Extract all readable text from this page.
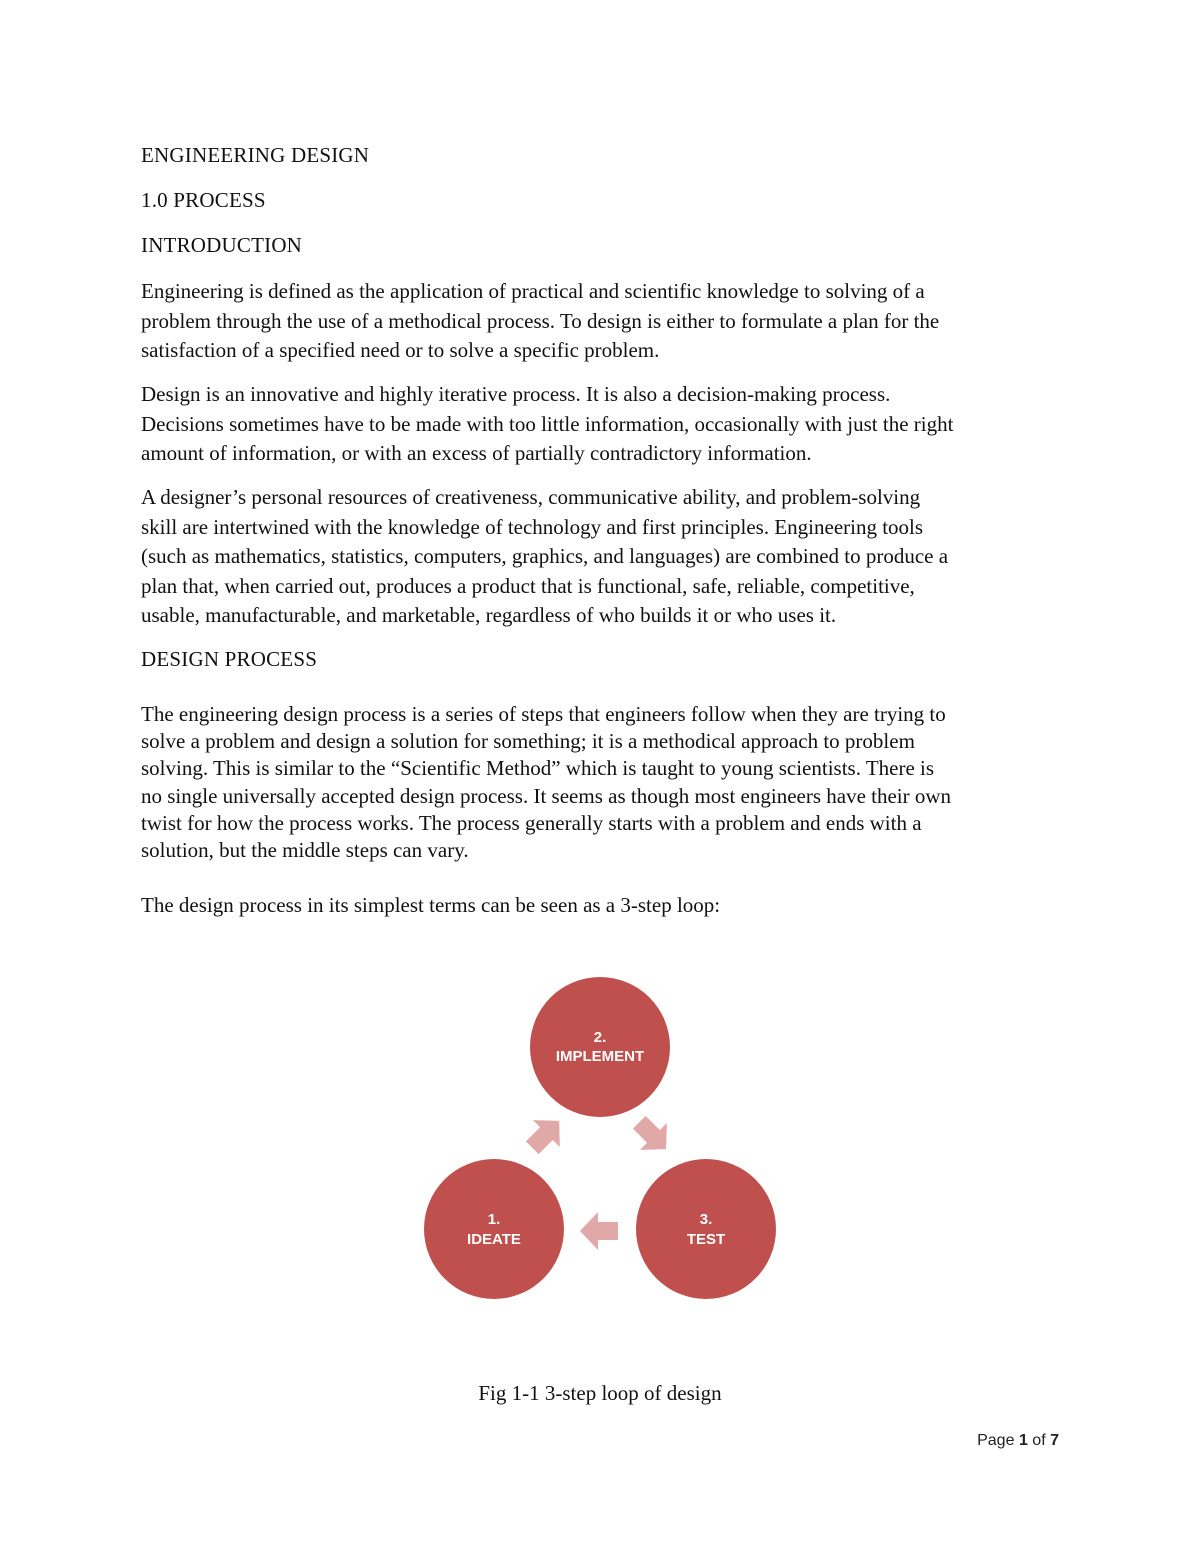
ENGINEERING DESIGN
1.0 PROCESS
INTRODUCTION

Engineering is defined as the application of practical and scientific knowledge to solving of a
problem through the use of a methodical process. To design is either to formulate a plan for the
satisfaction of a specified need or to solve a specific problem.

Design is an innovative and highly iterative process. It is also a decision-making process.
Decisions sometimes have to be made with too little information, occasionally with just the right
amount of information, or with an excess of partially contradictory information.

A designer’s personal resources of creativeness, communicative ability, and problem-solving
skill are intertwined with the knowledge of technology and first principles. Engineering tools
(such as mathematics, statistics, computers, graphics, and languages) are combined to produce a
plan that, when carried out, produces a product that is functional, safe, reliable, competitive,
usable, manufacturable, and marketable, regardless of who builds it or who uses it.

DESIGN PROCESS

The engineering design process is a series of steps that engineers follow when they are trying to
solve a problem and design a solution for something; it is a methodical approach to problem
solving. This is similar to the “Scientific Method” which is taught to young scientists. There is
no single universally accepted design process. It seems as though most engineers have their own
twist for how the process works. The process generally starts with a problem and ends with a
solution, but the middle steps can vary.

The design process in its simplest terms can be seen as a 3-step loop:

2.
IMPLEMENT
1.
IDEATE
3.
TEST

Fig 1-1 3-step loop of design

Page 1 of 7
